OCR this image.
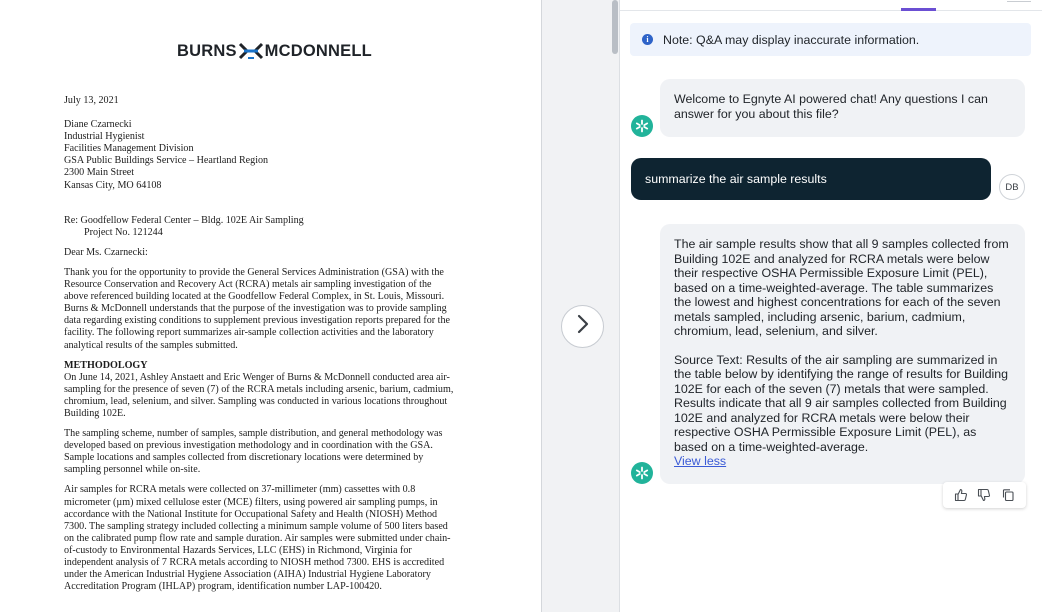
BURNS MCDONNELL
July 13, 2021
Diane Czarnecki
Industrial Hygienist
Facilities Management Division
GSA Public Buildings Service – Heartland Region
2300 Main Street
Kansas City, MO 64108
Re: Goodfellow Federal Center – Bldg. 102E Air Sampling
Project No. 121244
Dear Ms. Czarnecki:
Thank you for the opportunity to provide the General Services Administration (GSA) with the
Resource Conservation and Recovery Act (RCRA) metals air sampling investigation of the
above referenced building located at the Goodfellow Federal Complex, in St. Louis, Missouri.
Burns & McDonnell understands that the purpose of the investigation was to provide sampling
data regarding existing conditions to supplement previous investigation reports prepared for the
facility. The following report summarizes air-sample collection activities and the laboratory
analytical results of the samples submitted.
METHODOLOGY
On June 14, 2021, Ashley Anstaett and Eric Wenger of Burns & McDonnell conducted area air-
sampling for the presence of seven (7) of the RCRA metals including arsenic, barium, cadmium,
chromium, lead, selenium, and silver. Sampling was conducted in various locations throughout
Building 102E.
The sampling scheme, number of samples, sample distribution, and general methodology was
developed based on previous investigation methodology and in coordination with the GSA.
Sample locations and samples collected from discretionary locations were determined by
sampling personnel while on-site.
Air samples for RCRA metals were collected on 37-millimeter (mm) cassettes with 0.8
micrometer (µm) mixed cellulose ester (MCE) filters, using powered air sampling pumps, in
accordance with the National Institute for Occupational Safety and Health (NIOSH) Method
7300. The sampling strategy included collecting a minimum sample volume of 500 liters based
on the calibrated pump flow rate and sample duration. Air samples were submitted under chain-
of-custody to Environmental Hazards Services, LLC (EHS) in Richmond, Virginia for
independent analysis of 7 RCRA metals according to NIOSH method 7300. EHS is accredited
under the American Industrial Hygiene Association (AIHA) Industrial Hygiene Laboratory
Accreditation Program (IHLAP) program, identification number LAP-100420.
i	Note: Q&A may display inaccurate information.
Welcome to Egnyte AI powered chat! Any questions I can answer for you about this file?
summarize the air sample results
DB
The air sample results show that all 9 samples collected from Building 102E and analyzed for RCRA metals were below their respective OSHA Permissible Exposure Limit (PEL), based on a time-weighted-average. The table summarizes the lowest and highest concentrations for each of the seven metals sampled, including arsenic, barium, cadmium, chromium, lead, selenium, and silver.
Source Text: Results of the air sampling are summarized in the table below by identifying the range of results for Building 102E for each of the seven (7) metals that were sampled. Results indicate that all 9 air samples collected from Building 102E and analyzed for RCRA metals were below their respective OSHA Permissible Exposure Limit (PEL), as based on a time-weighted-average.
View less
